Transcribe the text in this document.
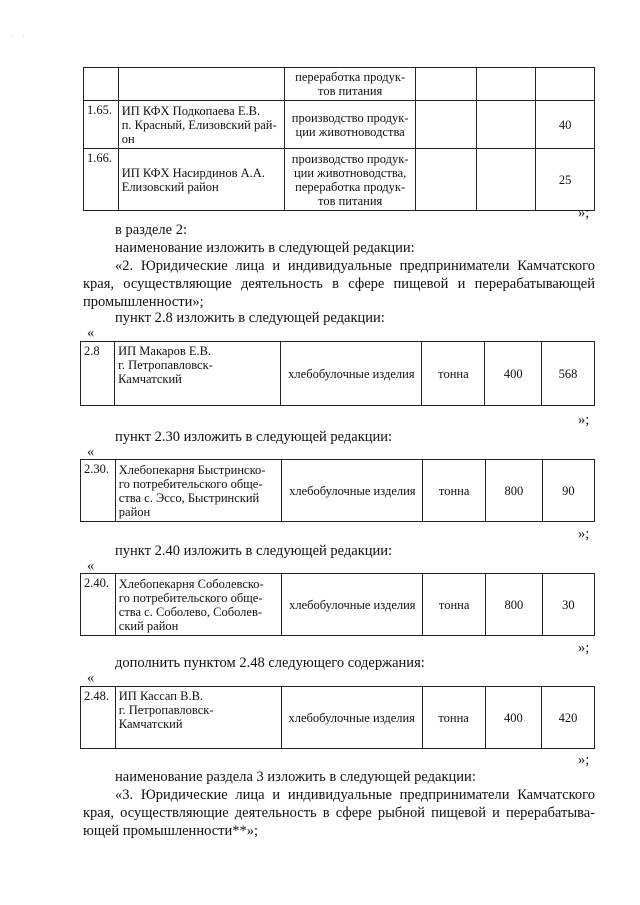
·       ·
		переработка продук-
тов питания			
1.65.	ИП КФХ Подкопаева Е.В.
п. Красный, Елизовский рай-
он	производство продук-
ции животноводства			40
1.66.	ИП КФХ Насирдинов А.А.
Елизовский район	производство продук-
ции животноводства,
переработка продук-
тов питания			25
»;
в разделе 2:
наименование изложить в следующей редакции:
«2. Юридические лица и индивидуальные предприниматели Камчатского края, осуществляющие деятельность в сфере пищевой и перерабатывающей промышленности»;
пункт 2.8 изложить в следующей редакции:
«
2.8	ИП Макаров Е.В.
г. Петропавловск-
Камчатский	хлебобулочные изделия	тонна	400	568
»;
пункт 2.30 изложить в следующей редакции:
«
2.30.	Хлебопекарня Быстринско-
го потребительского обще-
ства с. Эссо, Быстринский
район	хлебобулочные изделия	тонна	800	90
»;
пункт 2.40 изложить в следующей редакции:
«
2.40.	Хлебопекарня Соболевско-
го потребительского обще-
ства с. Соболево, Соболев-
ский район	хлебобулочные изделия	тонна	800	30
»;
дополнить пунктом 2.48 следующего содержания:
«
2.48.	ИП Кассап В.В.
г. Петропавловск-
Камчатский	хлебобулочные изделия	тонна	400	420
»;
наименование раздела 3 изложить в следующей редакции:
«3. Юридические лица и индивидуальные предприниматели Камчатского края, осуществляющие деятельность в сфере рыбной пищевой и перерабатыва-ющей промышленности**»;
